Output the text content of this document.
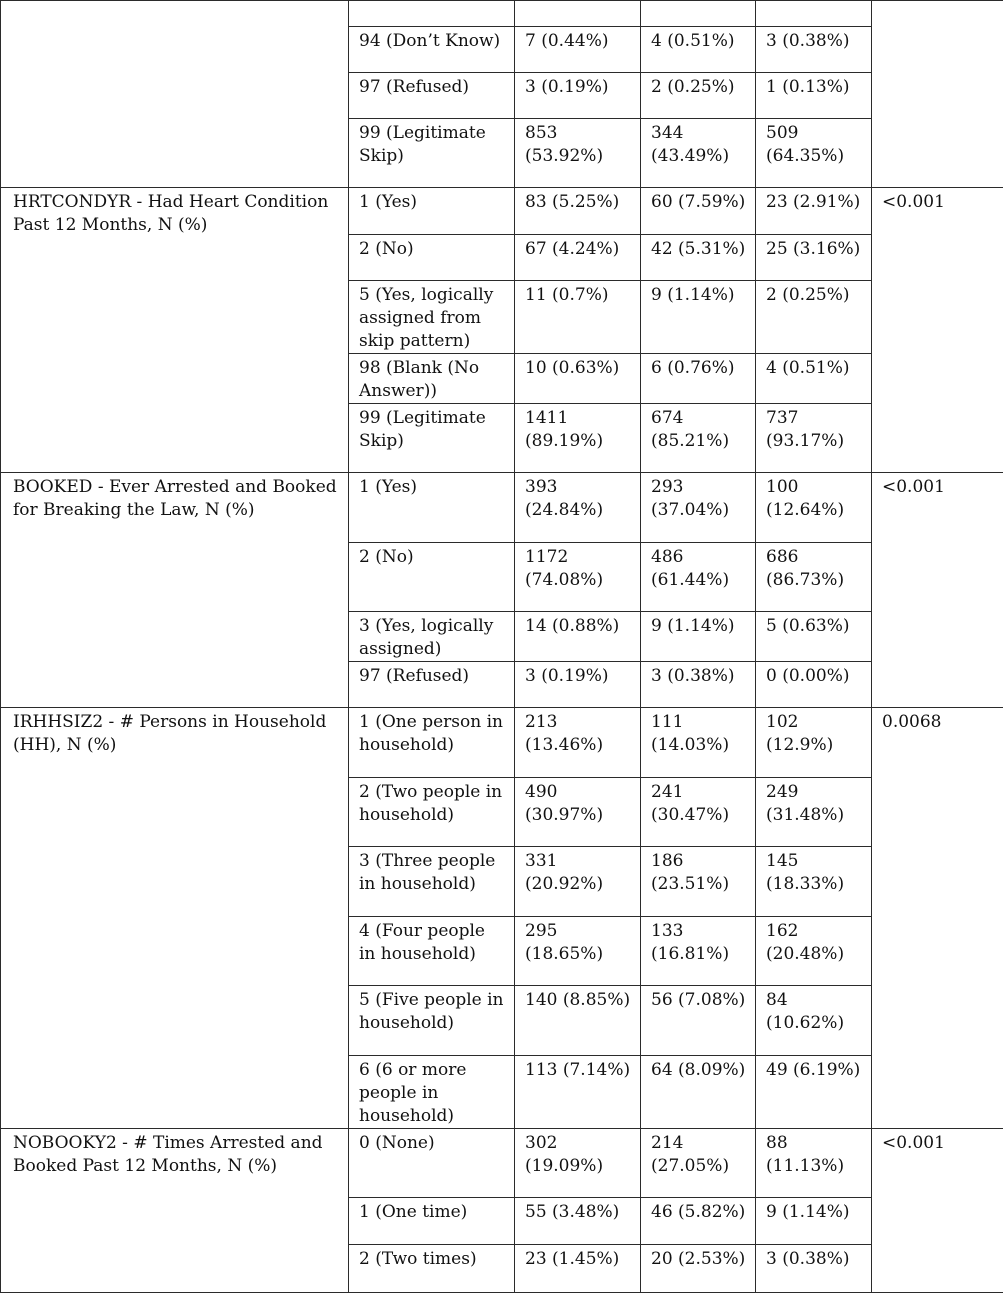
	94 (Don’t Know)	7 (0.44%)	4 (0.51%)	3 (0.38%)	
	97 (Refused)	3 (0.19%)	2 (0.25%)	1 (0.13%)	
	99 (Legitimate Skip)	853 (53.92%)	344 (43.49%)	509 (64.35%)	
HRTCONDYR - Had Heart Condition Past 12 Months, N (%)	1 (Yes)	83 (5.25%)	60 (7.59%)	23 (2.91%)	<0.001
	2 (No)	67 (4.24%)	42 (5.31%)	25 (3.16%)	
	5 (Yes, logically assigned from skip pattern)	11 (0.7%)	9 (1.14%)	2 (0.25%)	
	98 (Blank (No Answer))	10 (0.63%)	6 (0.76%)	4 (0.51%)	
	99 (Legitimate Skip)	1411 (89.19%)	674 (85.21%)	737 (93.17%)	
BOOKED - Ever Arrested and Booked for Breaking the Law, N (%)	1 (Yes)	393 (24.84%)	293 (37.04%)	100 (12.64%)	<0.001
	2 (No)	1172 (74.08%)	486 (61.44%)	686 (86.73%)	
	3 (Yes, logically assigned)	14 (0.88%)	9 (1.14%)	5 (0.63%)	
	97 (Refused)	3 (0.19%)	3 (0.38%)	0 (0.00%)	
IRHHSIZ2 - # Persons in Household (HH), N (%)	1 (One person in household)	213 (13.46%)	111 (14.03%)	102 (12.9%)	0.0068
	2 (Two people in household)	490 (30.97%)	241 (30.47%)	249 (31.48%)	
	3 (Three people in household)	331 (20.92%)	186 (23.51%)	145 (18.33%)	
	4 (Four people in household)	295 (18.65%)	133 (16.81%)	162 (20.48%)	
	5 (Five people in household)	140 (8.85%)	56 (7.08%)	84 (10.62%)	
	6 (6 or more people in household)	113 (7.14%)	64 (8.09%)	49 (6.19%)	
NOBOOKY2 - # Times Arrested and Booked Past 12 Months, N (%)	0 (None)	302 (19.09%)	214 (27.05%)	88 (11.13%)	<0.001
	1 (One time)	55 (3.48%)	46 (5.82%)	9 (1.14%)	
	2 (Two times)	23 (1.45%)	20 (2.53%)	3 (0.38%)	
